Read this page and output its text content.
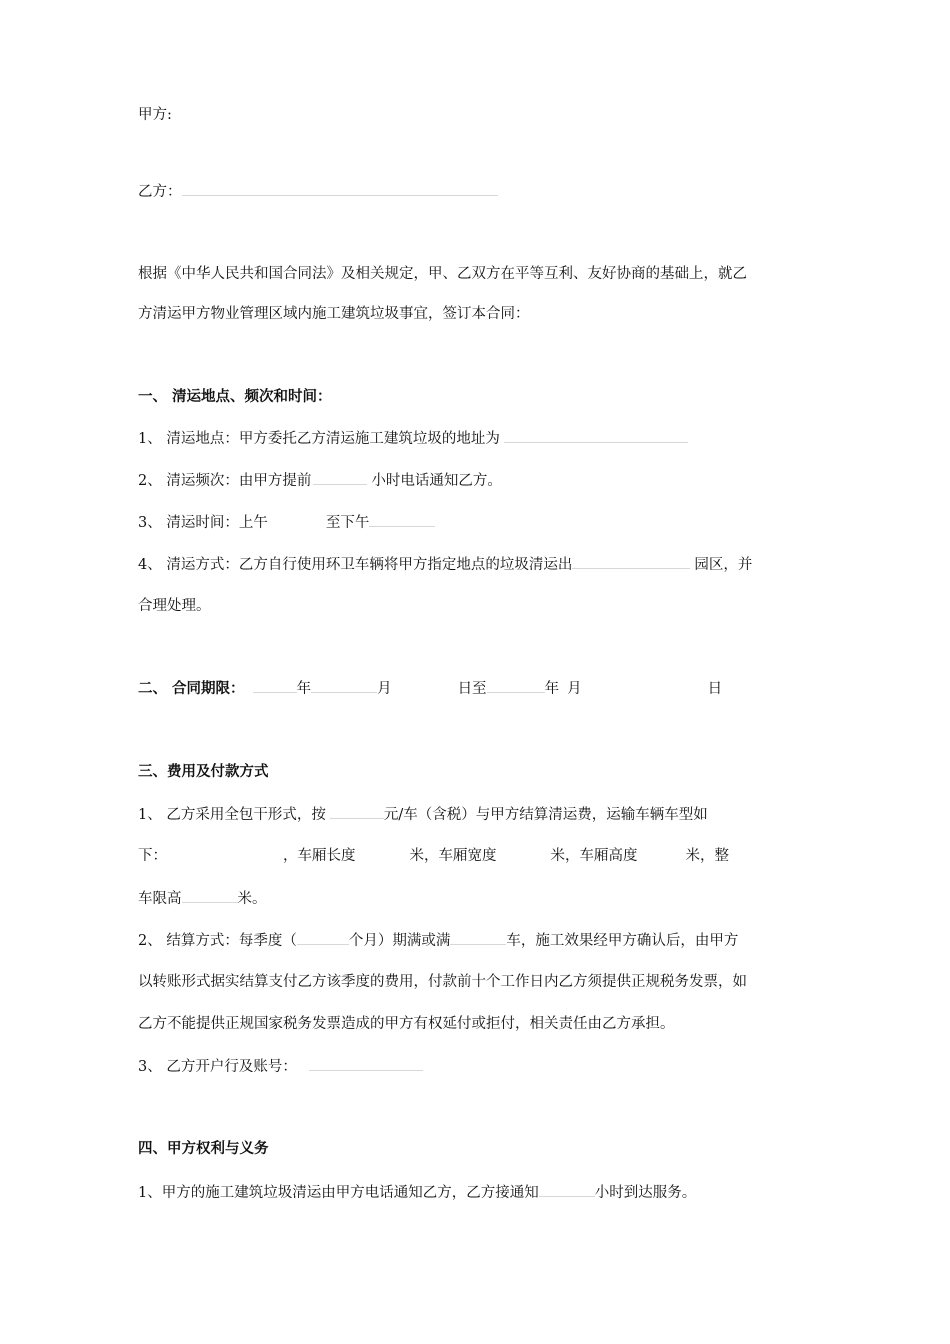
甲方:
乙方：
根据《中华人民共和国合同法》及相关规定，甲、乙双方在平等互利、友好协商的基础上，就乙
方清运甲方物业管理区域内施工建筑垃圾事宜，签订本合同：
一、 清运地点、频次和时间：
1、 清运地点：甲方委托乙方清运施工建筑垃圾的地址为
2、 清运频次：由甲方提前	小时电话通知乙方。
3、 清运时间：上午	至下午
4、 清运方式：乙方自行使用环卫车辆将甲方指定地点的垃圾清运出	园区，并
合理处理。
二、 合同期限：	年	月	日至	年 月	日
三、费用及付款方式
1、 乙方采用全包干形式，按	元/车（含税）与甲方结算清运费，运输车辆车型如
下：	，车厢长度	米，车厢宽度	米，车厢高度	米，整
车限高	米。
2、 结算方式：每季度（	个月）期满或满	车，施工效果经甲方确认后，由甲方
以转账形式据实结算支付乙方该季度的费用，付款前十个工作日内乙方须提供正规税务发票，如
乙方不能提供正规国家税务发票造成的甲方有权延付或拒付，相关责任由乙方承担。
3、 乙方开户行及账号：
四、甲方权利与义务
1、甲方的施工建筑垃圾清运由甲方电话通知乙方，乙方接通知	小时到达服务。
